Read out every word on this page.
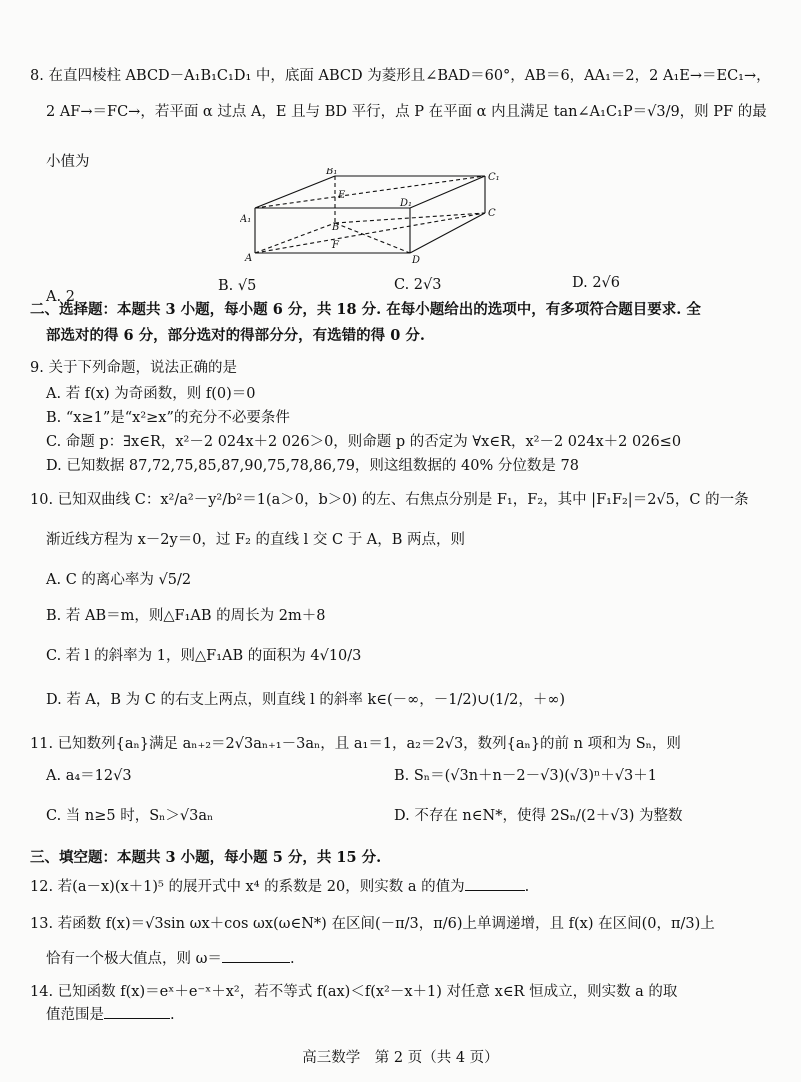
8. 在直四棱柱 ABCD－A₁B₁C₁D₁ 中，底面 ABCD 为菱形且∠BAD＝60°，AB＝6，AA₁＝2，2 A₁E→＝EC₁→，
2 AF→＝FC→，若平面 α 过点 A，E 且与 BD 平行，点 P 在平面 α 内且满足 tan∠A₁C₁P＝√3/9，则 PF 的最
小值为
B₁
C₁
E
A₁
D₁
C
B
A
F
D
A. 2
B. √5	C. 2√3	D. 2√6
二、选择题：本题共 3 小题，每小题 6 分，共 18 分. 在每小题给出的选项中，有多项符合题目要求. 全
部选对的得 6 分，部分选对的得部分分，有选错的得 0 分.
9. 关于下列命题，说法正确的是
A. 若 f(x) 为奇函数，则 f(0)＝0
B. “x≥1”是“x²≥x”的充分不必要条件
C. 命题 p：∃x∈R，x²－2 024x＋2 026＞0，则命题 p 的否定为 ∀x∈R，x²－2 024x＋2 026≤0
D. 已知数据 87,72,75,85,87,90,75,78,86,79，则这组数据的 40% 分位数是 78
10. 已知双曲线 C：x²/a²－y²/b²＝1(a＞0，b＞0) 的左、右焦点分别是 F₁，F₂，其中 |F₁F₂|＝2√5，C 的一条
渐近线方程为 x－2y＝0，过 F₂ 的直线 l 交 C 于 A，B 两点，则
A. C 的离心率为 √5/2
B. 若 AB＝m，则△F₁AB 的周长为 2m＋8
C. 若 l 的斜率为 1，则△F₁AB 的面积为 4√10/3
D. 若 A，B 为 C 的右支上两点，则直线 l 的斜率 k∈(－∞，－1/2)∪(1/2，＋∞)
11. 已知数列{aₙ}满足 aₙ₊₂＝2√3aₙ₊₁－3aₙ，且 a₁＝1，a₂＝2√3，数列{aₙ}的前 n 项和为 Sₙ，则
A. a₄＝12√3	B. Sₙ＝(√3n＋n－2－√3)(√3)ⁿ＋√3＋1
C. 当 n≥5 时，Sₙ＞√3aₙ	D. 不存在 n∈N*，使得 2Sₙ/(2＋√3) 为整数
三、填空题：本题共 3 小题，每小题 5 分，共 15 分.
12. 若(a－x)(x＋1)⁵ 的展开式中 x⁴ 的系数是 20，则实数 a 的值为	.
13. 若函数 f(x)＝√3sin ωx＋cos ωx(ω∈N*) 在区间(－π/3，π/6)上单调递增，且 f(x) 在区间(0，π/3)上
恰有一个极大值点，则 ω＝	.
14. 已知函数 f(x)＝eˣ＋e⁻ˣ＋x²，若不等式 f(ax)＜f(x²－x＋1) 对任意 x∈R 恒成立，则实数 a 的取
值范围是	.
高三数学　第 2 页（共 4 页）
